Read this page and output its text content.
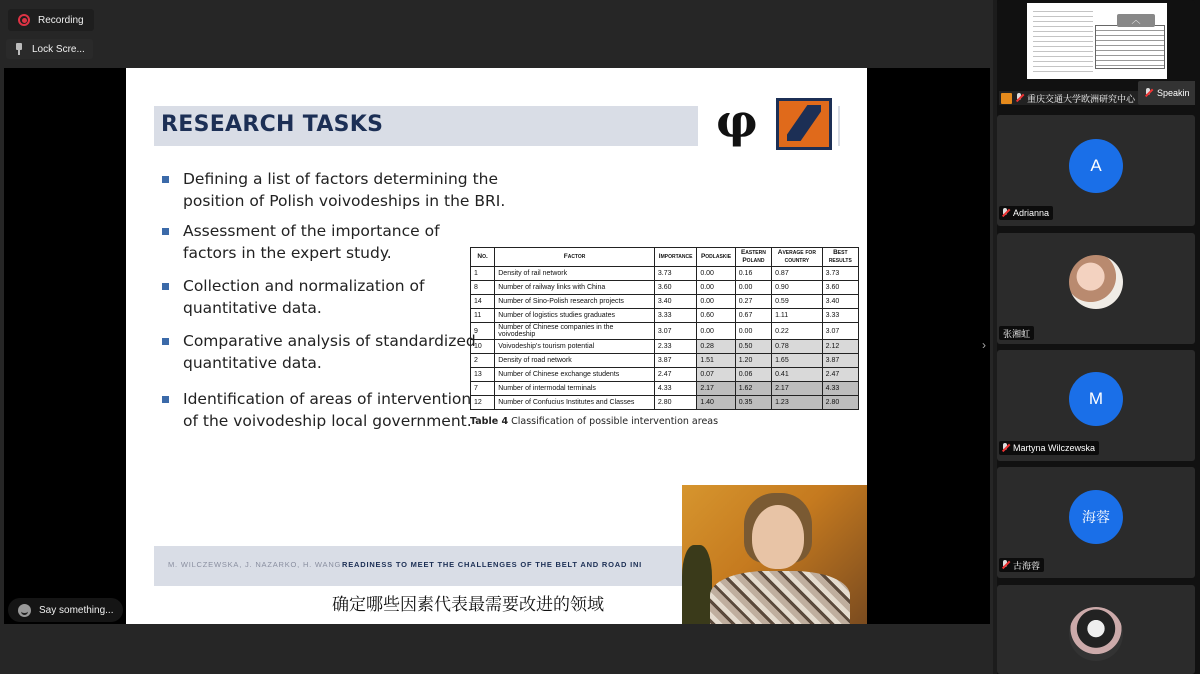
Recording
Lock Scre...
RESEARCH TASKS	φ
Defining a list of factors determining the
position of Polish voivodeships in the BRI.
Assessment of the importance of
factors in the expert study.
Collection and normalization of
quantitative data.
Comparative analysis of standardized
quantitative data.
Identification of areas of intervention
of the voivodeship local government.
No.	Factor	Importance	Podlaskie	Eastern Poland	Average for country	Best results
1	Density of rail network	3.73	0.00	0.16	0.87	3.73
8	Number of railway links with China	3.60	0.00	0.00	0.90	3.60
14	Number of Sino-Polish research projects	3.40	0.00	0.27	0.59	3.40
11	Number of logistics studies graduates	3.33	0.60	0.67	1.11	3.33
9	Number of Chinese companies in the voivodeship	3.07	0.00	0.00	0.22	3.07
10	Voivodeship's tourism potential	2.33	0.28	0.50	0.78	2.12
2	Density of road network	3.87	1.51	1.20	1.65	3.87
13	Number of Chinese exchange students	2.47	0.07	0.06	0.41	2.47
7	Number of intermodal terminals	4.33	2.17	1.62	2.17	4.33
12	Number of Confucius Institutes and Classes	2.80	1.40	0.35	1.23	2.80
Table 4 Classification of possible intervention areas
M. WILCZEWSKA, J. NAZARKO, H. WANG READINESS TO MEET THE CHALLENGES OF THE BELT AND ROAD INI
确定哪些因素代表最需要改进的领域
Say something...
›
︿
重庆交通大学欧洲研究中心
Speakin
A
Adrianna
张湘虹
M
Martyna Wilczewska
海蓉
古海蓉
